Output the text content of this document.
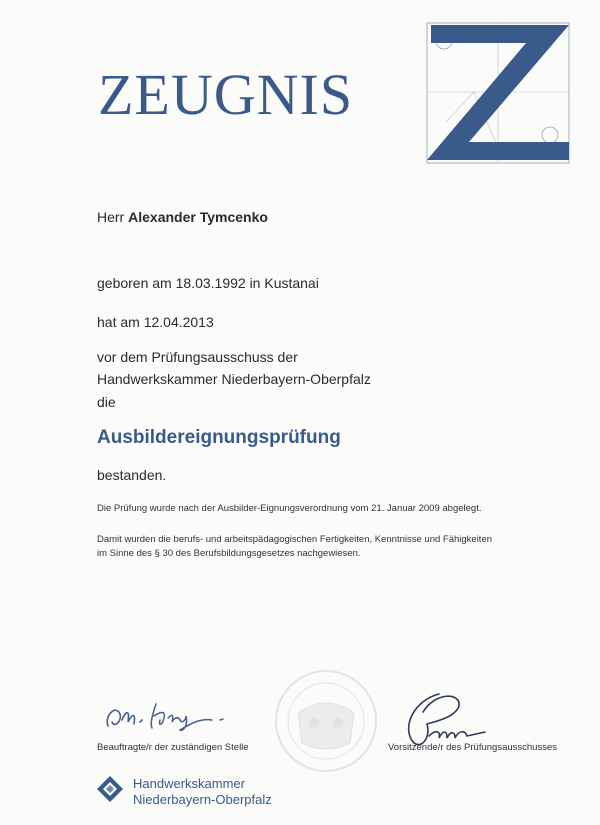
ZEUGNIS
Herr Alexander Tymcenko
geboren am 18.03.1992 in Kustanai
hat am 12.04.2013
vor dem Prüfungsausschuss der
Handwerkskammer Niederbayern-Oberpfalz
die
Ausbildereignungsprüfung
bestanden.
Die Prüfung wurde nach der Ausbilder-Eignungsverordnung vom 21. Januar 2009 abgelegt.
Damit wurden die berufs- und arbeitspädagogischen Fertigkeiten, Kenntnisse und Fähigkeiten
im Sinne des § 30 des Berufsbildungsgesetzes nachgewiesen.
Beauftragte/r der zuständigen Stelle	Vorsitzende/r des Prüfungsausschusses
Handwerkskammer
Niederbayern-Oberpfalz
